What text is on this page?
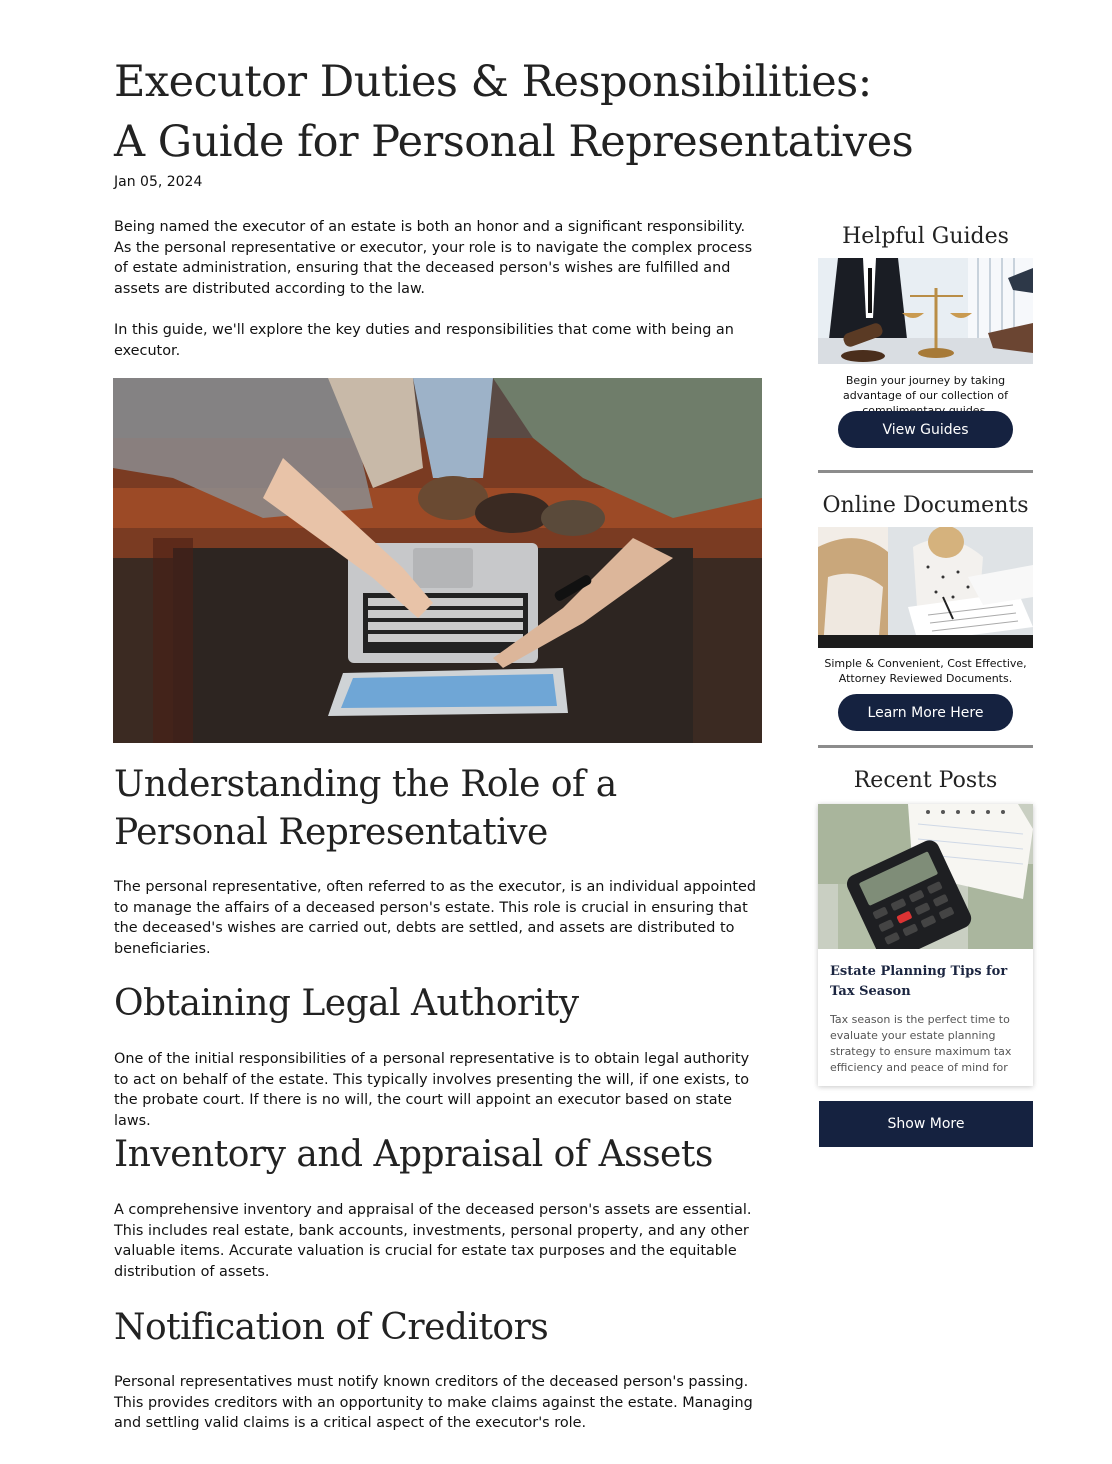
Executor Duties & Responsibilities: A Guide for Personal Representatives
Jan 05, 2024

Being named the executor of an estate is both an honor and a significant responsibility. As the personal representative or executor, your role is to navigate the complex process of estate administration, ensuring that the deceased person's wishes are fulfilled and assets are distributed according to the law.

In this guide, we'll explore the key duties and responsibilities that come with being an executor.

Understanding the Role of a Personal Representative

The personal representative, often referred to as the executor, is an individual appointed to manage the affairs of a deceased person's estate. This role is crucial in ensuring that the deceased's wishes are carried out, debts are settled, and assets are distributed to beneficiaries.

Obtaining Legal Authority

One of the initial responsibilities of a personal representative is to obtain legal authority to act on behalf of the estate. This typically involves presenting the will, if one exists, to the probate court. If there is no will, the court will appoint an executor based on state laws.

Inventory and Appraisal of Assets

A comprehensive inventory and appraisal of the deceased person's assets are essential. This includes real estate, bank accounts, investments, personal property, and any other valuable items. Accurate valuation is crucial for estate tax purposes and the equitable distribution of assets.

Notification of Creditors

Personal representatives must notify known creditors of the deceased person's passing. This provides creditors with an opportunity to make claims against the estate. Managing and settling valid claims is a critical aspect of the executor's role.

Helpful Guides
Begin your journey by taking advantage of our collection of
View Guides
Online Documents
Simple & Convenient, Cost Effective, Attorney Reviewed Documents.
Learn More Here
Recent Posts
Estate Planning Tips for Tax Season
Tax season is the perfect time to evaluate your estate planning strategy to ensure maximum tax efficiency and peace of mind for
Show More
